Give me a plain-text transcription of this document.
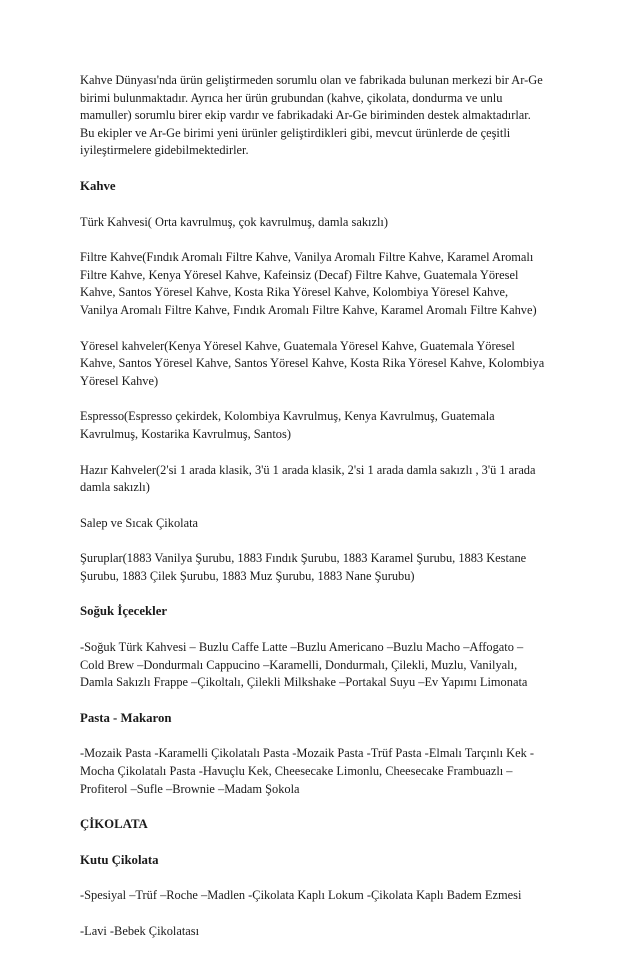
Kahve Dünyası'nda ürün geliştirmeden sorumlu olan ve fabrikada bulunan merkezi bir Ar-Ge
birimi bulunmaktadır. Ayrıca her ürün grubundan (kahve, çikolata, dondurma ve unlu
mamuller) sorumlu birer ekip vardır ve fabrikadaki Ar-Ge biriminden destek almaktadırlar.
Bu ekipler ve Ar-Ge birimi yeni ürünler geliştirdikleri gibi, mevcut ürünlerde de çeşitli
iyileştirmelere gidebilmektedirler.

Kahve

Türk Kahvesi( Orta kavrulmuş, çok kavrulmuş, damla sakızlı)

Filtre Kahve(Fındık Aromalı Filtre Kahve, Vanilya Aromalı Filtre Kahve, Karamel Aromalı
Filtre Kahve, Kenya Yöresel Kahve, Kafeinsiz (Decaf) Filtre Kahve, Guatemala Yöresel
Kahve, Santos Yöresel Kahve, Kosta Rika Yöresel Kahve, Kolombiya Yöresel Kahve,
Vanilya Aromalı Filtre Kahve, Fındık Aromalı Filtre Kahve, Karamel Aromalı Filtre Kahve)

Yöresel kahveler(Kenya Yöresel Kahve, Guatemala Yöresel Kahve, Guatemala Yöresel
Kahve, Santos Yöresel Kahve, Santos Yöresel Kahve, Kosta Rika Yöresel Kahve, Kolombiya
Yöresel Kahve)

Espresso(Espresso çekirdek, Kolombiya Kavrulmuş, Kenya Kavrulmuş, Guatemala
Kavrulmuş, Kostarika Kavrulmuş, Santos)

Hazır Kahveler(2'si 1 arada klasik, 3'ü 1 arada klasik, 2'si 1 arada damla sakızlı , 3'ü 1 arada
damla sakızlı)

Salep ve Sıcak Çikolata

Şuruplar(1883 Vanilya Şurubu, 1883 Fındık Şurubu, 1883 Karamel Şurubu, 1883 Kestane
Şurubu, 1883 Çilek Şurubu, 1883 Muz Şurubu, 1883 Nane Şurubu)

Soğuk İçecekler

-Soğuk Türk Kahvesi – Buzlu Caffe Latte –Buzlu Americano –Buzlu Macho –Affogato –
Cold Brew –Dondurmalı Cappucino –Karamelli, Dondurmalı, Çilekli, Muzlu, Vanilyalı,
Damla Sakızlı Frappe –Çikoltalı, Çilekli Milkshake –Portakal Suyu –Ev Yapımı Limonata

Pasta - Makaron

-Mozaik Pasta -Karamelli Çikolatalı Pasta -Mozaik Pasta -Trüf Pasta -Elmalı Tarçınlı Kek -
Mocha Çikolatalı Pasta -Havuçlu Kek, Cheesecake Limonlu, Cheesecake Frambuazlı –
Profiterol –Sufle –Brownie –Madam Şokola

ÇİKOLATA

Kutu Çikolata

-Spesiyal –Trüf –Roche –Madlen -Çikolata Kaplı Lokum -Çikolata Kaplı Badem Ezmesi

-Lavi -Bebek Çikolatası
